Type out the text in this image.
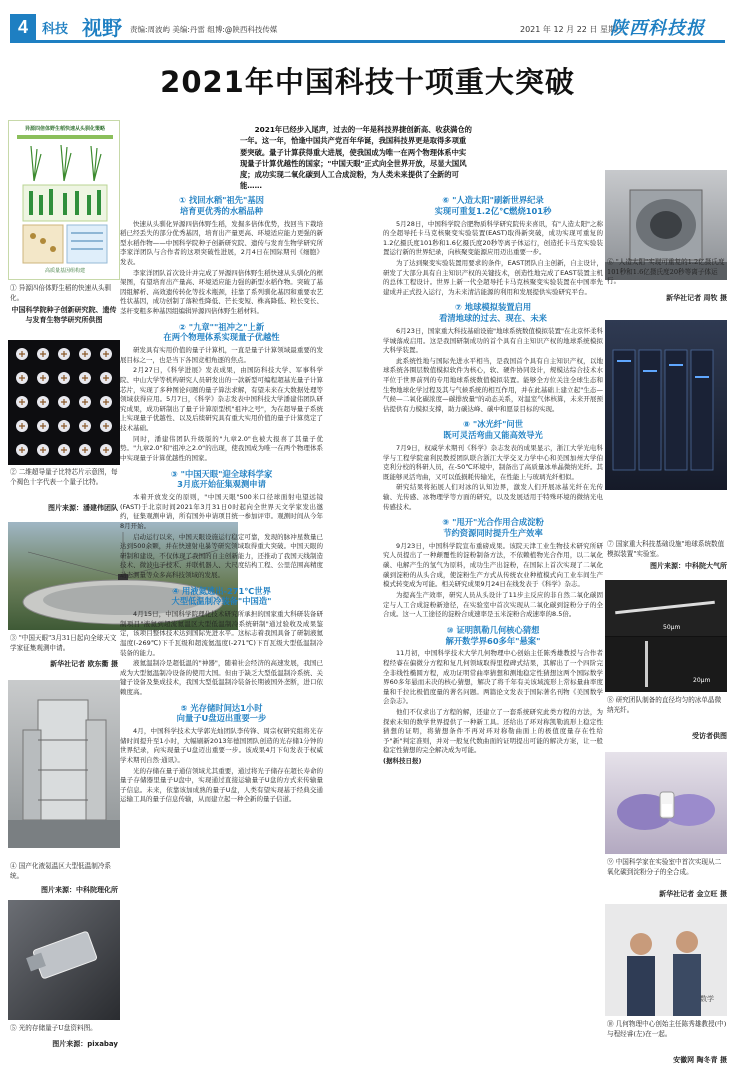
4	科技 视野 责编:周波屿 美编:丹雷 组博:@陕西科技传媒	2021 年 12 月 22 日 星期三
陕西科技报
2021年中国科技十项重大突破
2021年已经步入尾声，过去的一年是科技界捷创新高、收获满仓的一年。这一年，恰逢中国共产党百年华诞，我国科技界更是取得多项重要突破。量子计算获得重大进展，使我国成为唯一在两个物理体系中实现量子计算优越性的国家；"中国天眼"正式向全世界开放，尽显大国风度；成功实现二氧化碳到人工合成淀粉，为人类未来提供了全新的可能……
异源四倍体野生稻快速从头驯化策略
高质量基因组构建
① 异源四倍体野生稻的快速从头驯化。
中国科学院种子创新研究院、遗传与发育生物学研究所供图
② 二维超导量子比特芯片示意图，每个褐色十字代表一个量子比特。
图片来源：潘建伟团队
③ "中国天眼"3月31日起向全球天文学家征集观测申请。
新华社记者 欧东衢 摄
④ 国产化液氦温区大型低温制冷系统。
图片来源：中科院理化所
⑤ 光的存储量子U盘资料图。
图片来源：pixabay
⑥ "人造太阳"实现可重复的1.2亿摄氏度101秒和1.6亿摄氏度20秒等离子体运行。
新华社记者 周牧 摄
⑦ 国家重大科技基础设施"地球系统数值模拟装置"实验室。
图片来源：中科院大气所
50μm
20μm
⑧ 研究团队制备的直径均匀的冰单晶微纳光纤。
受访者供图
⑨ 中国科学家在实验室中首次实现从二氧化碳到淀粉分子的全合成。
新华社记者 金立旺 摄
数学
⑩ 几何物理中心创始主任陈秀雄教授(中)与程经睿(左)在一起。
安徽网 陶冬青 摄
① 找回水稻"祖先"基因
培育更优秀的水稻品种

快速从头驯化异源四倍体野生稻，发掘多倍体优势，找回当下栽培稻已经丢失的部分优秀基因，培育出产量更高、环境适应能力更强的新型水稻作物——中国科学院种子创新研究院、遗传与发育生物学研究所李家洋团队与合作者的这项突破性进展，2月4日在国际期刊《细胞》发表。

李家洋团队首次设计并完成了异源四倍体野生稻快速从头驯化的框架图，有望培育出产量高、环境适应能力强的新型水稻作物。突破了基因组解析、高效遗传转化等技术瓶颈，挂靠了系列驯化基因和重要农艺性状基因，成功创制了落粒性降低、芒长变短、株高降低、粒长变长、茎秆变粗多种基因组编辑异源四倍体野生稻材料。

② "九章""祖冲之"上新
在两个物理体系实现量子优越性

研发具有实用价值的量子计算机，一直是量子计算领域最重要的发展目标之一，也是当下各国竞相角逐的焦点。

2月27日，《科学进展》发表成果，由国防科技大学、军事科学院、中山大学等机构研究人员研发出的一款新型可编程超基光量子计算芯片，实现了多种图论问题的量子算法求解，有望未来在大数据处理等领域获得应用。5月7日，《科学》杂志发表中国科技大学潘建伟团队研究成果，成功研制出了量子计算原型机"祖冲之号"，为在超导量子系统上实现量子优越性、以及后续研究具有重大实用价值的量子计算奠定了技术基础。

同时，潘建伟团队升级版的"九章2.0"也被大报喜了其量子优势。"九章2.0"和"祖冲之2.0"的出现，使我国成为唯一在两个物理体系中实现量子计算优越性的国家。

③ "中国天眼"迎全球科学家
3月底开始征集观测申请

本着开放发交的原则，"中国天眼"500米口径球面射电望远镜(FAST)于北京时间2021年3月31日0时起向全世界天文学家发出邀约，征集观测申请，所有国外申请项目统一参加评审。观测时间从今年8月开始。

启动运行以来，中国天眼设施运行稳定可靠，发现的脉冲星数量已达到500余颗，并在快速射电暴等研究领域取得重大突破。中国天眼的研制和建设，不仅体现了我国的自主创新能力，还推动了我国天线制造技术、微波电子技术、并联机器人、大尺度结构工程、公里范围高精度动态测量等众多高科技领域的发展。

④ 用液氦逃出-271℃世界
大型低温制冷装备"中国造"

4月15日，中国科学院理化技术研究所承担的国家重大科研装备研制项目"液氦到超流氦温区大型低温制冷系统研制"通过验收及成果鉴定，该项目整体技术达到国际先进水平。这标志着我国具备了研制液氦温度(-269℃)下千瓦级和超流氦温度(-271℃)下百瓦级大型低温制冷装备的能力。

液氦温制冷是超低温的"神器"，随着社会经济的高速发展，我国已成为大型氦温制冷设备的使用大国。但由于缺乏大型低温制冷系统、关键子设备及集成技术，我国大型低温制冷装备长期被国外垄断，进口依赖度高。

⑤ 光存储时间达1小时
向量子U盘迈出重要一步

4月，中国科学技术大学郭光灿团队李传锋、周宗权研究组将光存储时间提升至1小时，大幅刷新2013年德国团队创造的光存储1分钟的世界纪录，向实现量子U盘迈出重要一步。该成果4月下旬发表于权威学术期刊自然·通讯》。

光的存储在量子通信领域尤其重要，通过将光子储存在超长寿命的量子存储器里量子U盘中，实现通过直接运输量子U盘的方式来传输量子信息。未来，依靠该加成熟的量子U盘，人类有望实现基于经典交通运输工具的量子信息传输，从而建立起一种全新的量子信道。

⑥ "人造太阳"刷新世界纪录
实现可重复1.2亿℃燃烧101秒

5月28日，中国科学院合肥物质科学研究院传来喜讯，有"人造太阳"之称的全超导托卡马克核聚变实验装置(EAST)取得新突破，成功实现可重复的1.2亿摄氏度101秒和1.6亿摄氏度20秒等离子体运行，创造托卡马克实验装置运行新的世界纪录，向核聚变能源应用迈出重要一步。

为了达到聚变实验装置用要求的条件，EAST团队自主创新，自主设计，研发了大部分具有自主知识产权的关键技术，创造性地完成了EAST装置主机的总体工程设计。世界上新一代全超导托卡马克核聚变实验装置在中国率先建成并正式投入运行，为未来清洁能源的利用和发展提供实验研究平台。

⑦ 地球模拟装置启用
看清地球的过去、现在、未来

6月23日，国家重大科技基础设施"地球系统数值模拟装置"在北京怀柔科学城落成启用。这是我国研制成功的首个具有自主知识产权的地球系统模拟大科学装置。

此系统性地与国际先进水平相当，是我国首个具有自主知识产权，以地球系统各圈层数值模拟软件为核心，软、硬件协同设计，规模达综合技术水平位于世界前列的专用地球系统数值模拟装置。能够全方位关注全球生态和生物地球化学过程及其与气候系统的相互作用，并在此基础上建立起"生态—气候—二氧化碳浓度—碳排放量"的动态关系，对温室气体核算，未来开展预估提供有力模拟支撑，助力碳达峰、碳中和愿景目标的实现。

⑧ "冰光纤"问世
既可灵活弯曲又能高效导光

7月9日，权威学术期刊《科学》杂志发表的成果显示，浙江大学光电科学与工程学院童利民教授团队联合浙江大学交叉力学中心和美国加州大学伯克利分校的科研人员，在-50℃环境中，制备出了高质量冰单晶微纳光纤。其既能够灵活弯曲，又可以低损耗传输光，在性能上与玻璃光纤相似。

研究结果将拓展人们对冰的认知边界，激发人们开展冰基光纤在光传输、光传感、冰物理学等方面的研究，以及发展适用于特殊环境的微纳光电传感技术。

⑨ "甩开"光合作用合成淀粉
节约资源同时提升生产效率

9月23日，中国科学院宣布重磅成果。该院天津工业生物技术研究所研究人员提出了一种颠覆性的淀粉制备方法，不依赖植物光合作用，以二氧化碳、电解产生的氢气为原料，成功生产出淀粉，在国际上首次实现了二氧化碳到淀粉的从头合成，使淀粉生产方式从传统农业种植模式向工业车间生产模式转变成为可能。相关研究成果9月24日在线发表于《科学》杂志。

为提高生产效率，研究人员从头设计了11步主反应的非自然二氧化碳固定与人工合成淀粉新途径，在实验室中首次实现从二氧化碳到淀粉分子的全合成。这一人工途径的淀粉合成速率是玉米淀粉合成速率的8.5倍。

⑩ 证明凯勒几何核心猜想
解开数学界60多年"悬案"

11月初，中国科学技术大学几何物理中心创始主任陈秀雄教授与合作者程经睿在偏微分方程和复几何领域取得里程碑式结果，其解出了一个四阶完全非线性椭圆方程，成功证明常曲率猜想和测地稳定性猜想这两个国际数学界60多年悬而未决的核心猜想，解决了将千年有关该域流形上常标量曲率度量和千拉比极值度量的著名问题。两篇论文发表于国际著名刊物《美国数学会杂志》。

他们不仅求出了方程的解，还建立了一套系统研究此类方程的方法，为探索未知的数学世界提供了一种新工具。还给出了环对称凯勒流形上稳定性猜想的证明，将猜想条件不再对环对称勒曲面上的极值度量存在性给予"新"判定准则，并对一般复代数曲面的证明提出可能的解决方案，让一般稳定性猜想的完全解决成为可能。

(据科技日报)
